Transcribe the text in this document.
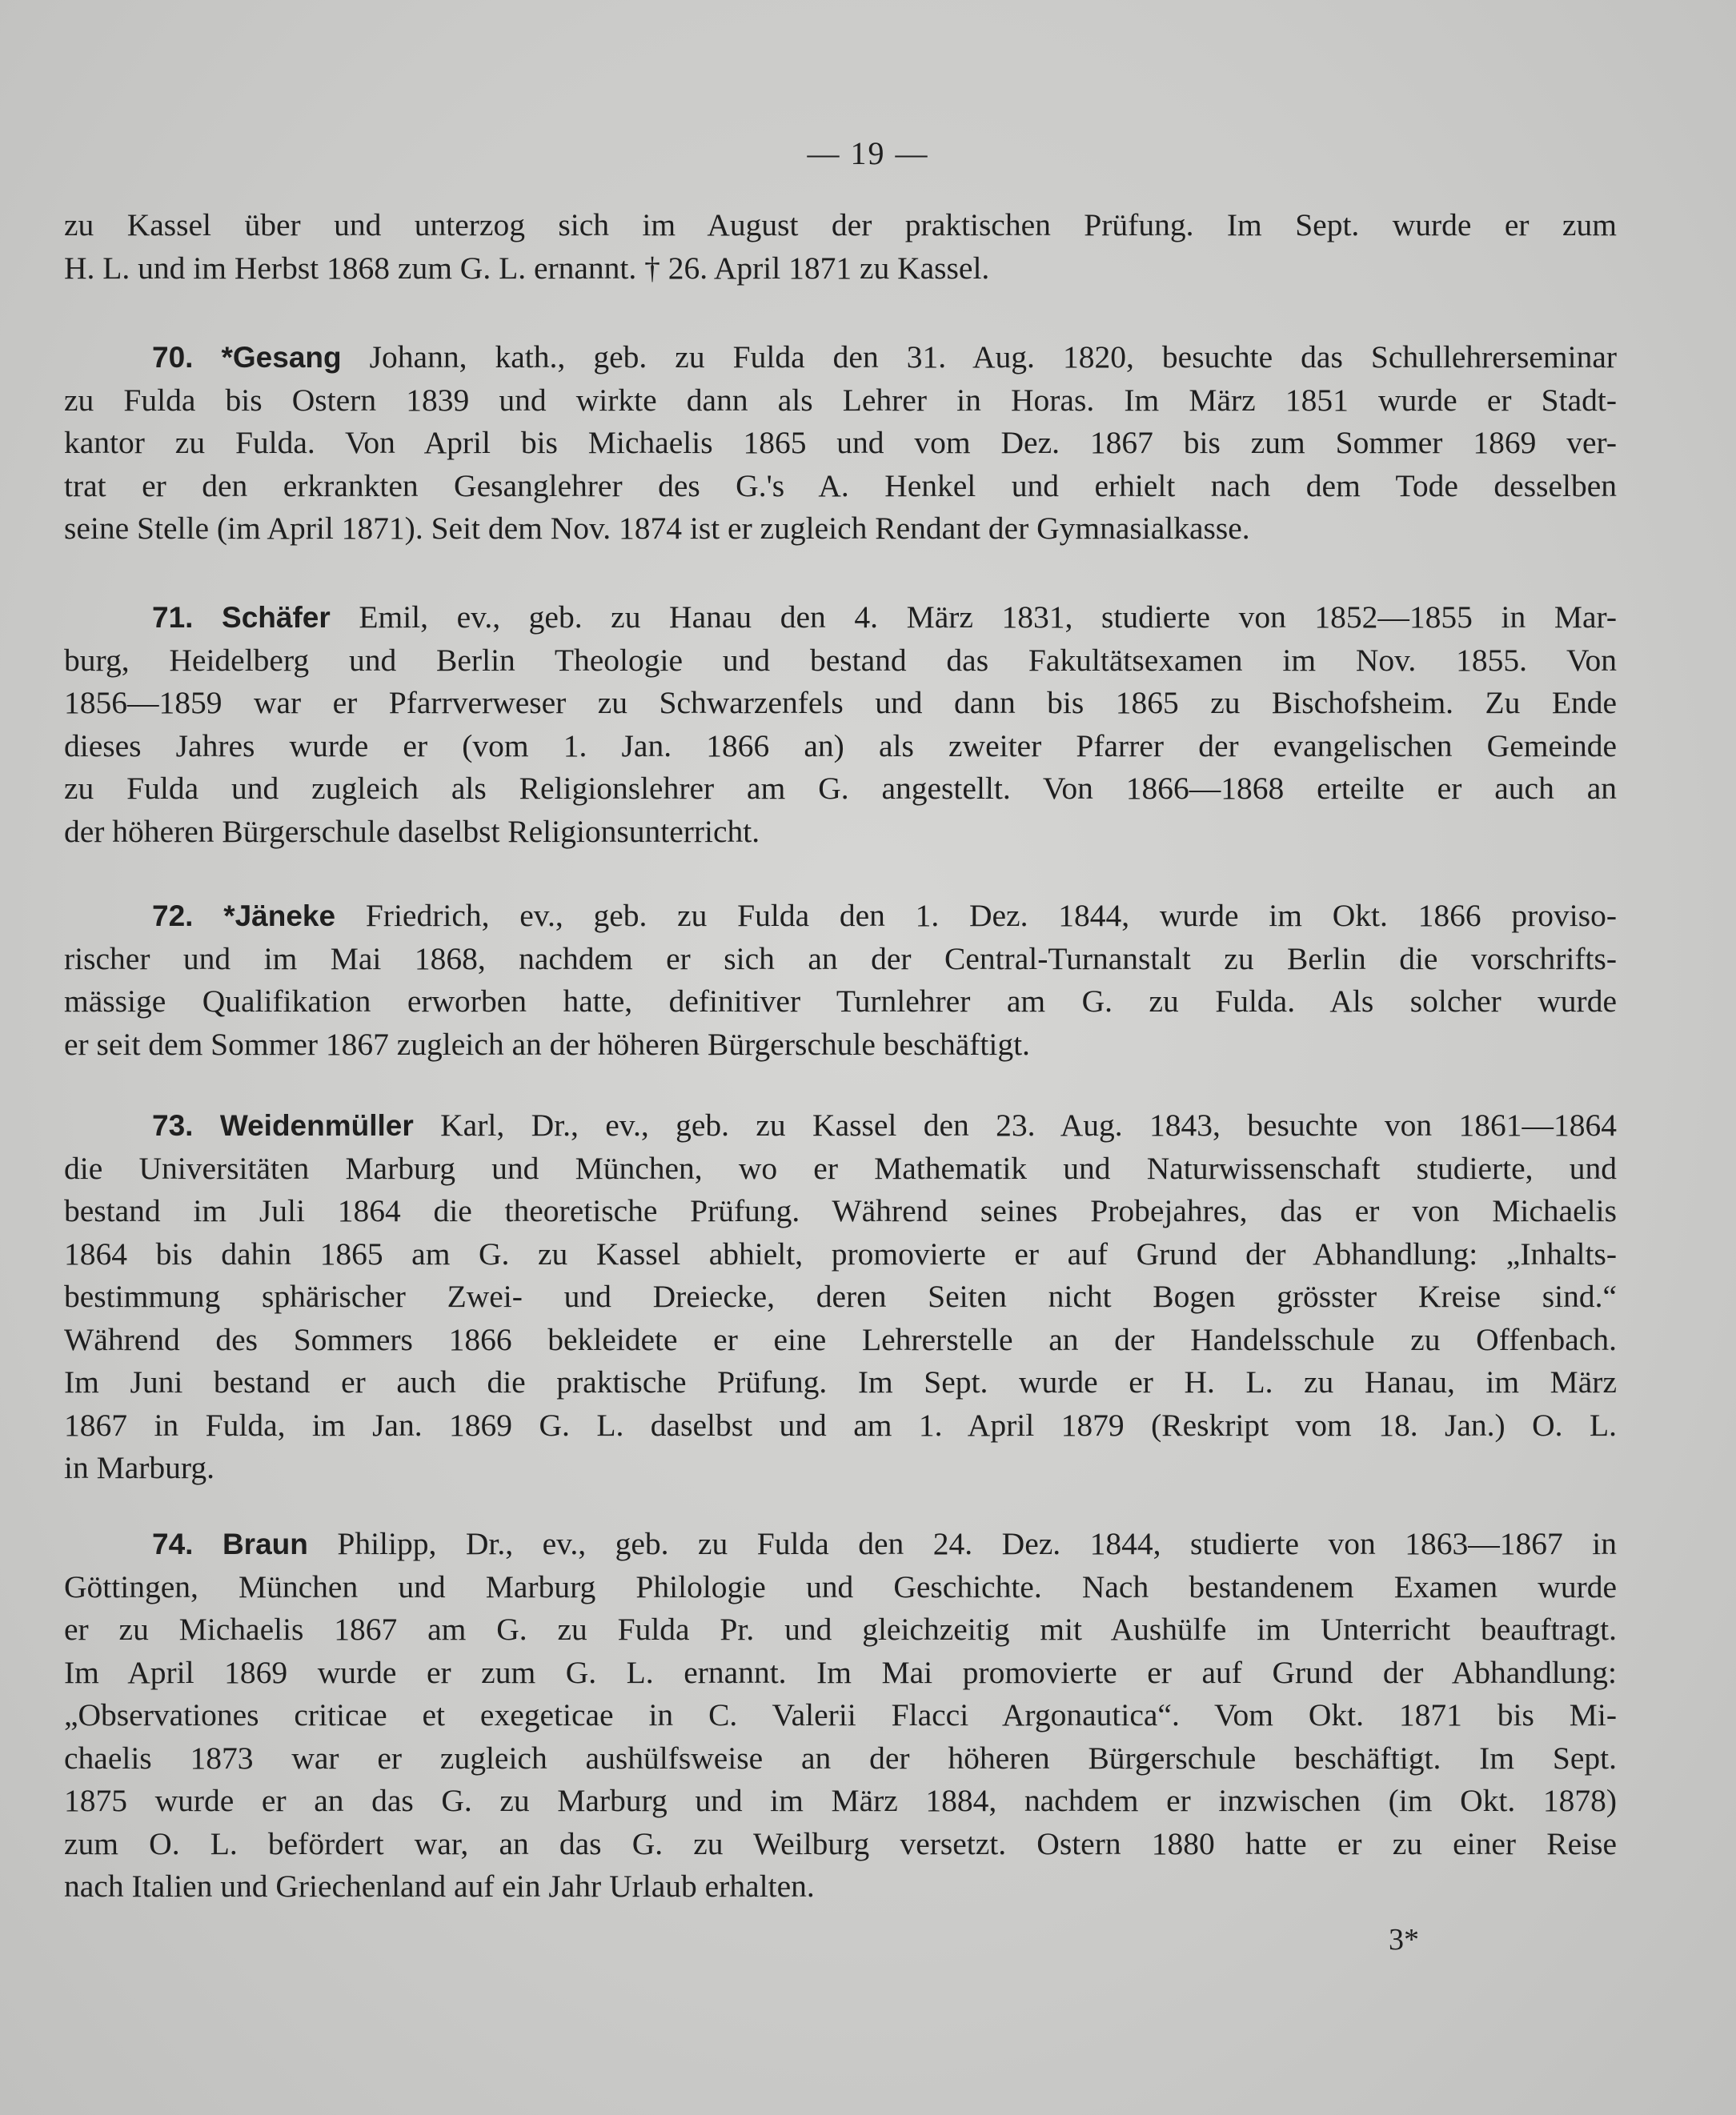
— 19 —
zu Kassel über und unterzog sich im August der praktischen Prüfung. Im Sept. wurde er zum
H. L. und im Herbst 1868 zum G. L. ernannt. † 26. April 1871 zu Kassel.
70. *Gesang Johann, kath., geb. zu Fulda den 31. Aug. 1820, besuchte das Schullehrerseminar
zu Fulda bis Ostern 1839 und wirkte dann als Lehrer in Horas. Im März 1851 wurde er Stadt-
kantor zu Fulda. Von April bis Michaelis 1865 und vom Dez. 1867 bis zum Sommer 1869 ver-
trat er den erkrankten Gesanglehrer des G.'s A. Henkel und erhielt nach dem Tode desselben
seine Stelle (im April 1871). Seit dem Nov. 1874 ist er zugleich Rendant der Gymnasialkasse.
71. Schäfer Emil, ev., geb. zu Hanau den 4. März 1831, studierte von 1852—1855 in Mar-
burg, Heidelberg und Berlin Theologie und bestand das Fakultätsexamen im Nov. 1855. Von
1856—1859 war er Pfarrverweser zu Schwarzenfels und dann bis 1865 zu Bischofsheim. Zu Ende
dieses Jahres wurde er (vom 1. Jan. 1866 an) als zweiter Pfarrer der evangelischen Gemeinde
zu Fulda und zugleich als Religionslehrer am G. angestellt. Von 1866—1868 erteilte er auch an
der höheren Bürgerschule daselbst Religionsunterricht.
72. *Jäneke Friedrich, ev., geb. zu Fulda den 1. Dez. 1844, wurde im Okt. 1866 proviso-
rischer und im Mai 1868, nachdem er sich an der Central-Turnanstalt zu Berlin die vorschrifts-
mässige Qualifikation erworben hatte, definitiver Turnlehrer am G. zu Fulda. Als solcher wurde
er seit dem Sommer 1867 zugleich an der höheren Bürgerschule beschäftigt.
73. Weidenmüller Karl, Dr., ev., geb. zu Kassel den 23. Aug. 1843, besuchte von 1861—1864
die Universitäten Marburg und München, wo er Mathematik und Naturwissenschaft studierte, und
bestand im Juli 1864 die theoretische Prüfung. Während seines Probejahres, das er von Michaelis
1864 bis dahin 1865 am G. zu Kassel abhielt, promovierte er auf Grund der Abhandlung: „Inhalts-
bestimmung sphärischer Zwei- und Dreiecke, deren Seiten nicht Bogen grösster Kreise sind.“
Während des Sommers 1866 bekleidete er eine Lehrerstelle an der Handelsschule zu Offenbach.
Im Juni bestand er auch die praktische Prüfung. Im Sept. wurde er H. L. zu Hanau, im März
1867 in Fulda, im Jan. 1869 G. L. daselbst und am 1. April 1879 (Reskript vom 18. Jan.) O. L.
in Marburg.
74. Braun Philipp, Dr., ev., geb. zu Fulda den 24. Dez. 1844, studierte von 1863—1867 in
Göttingen, München und Marburg Philologie und Geschichte. Nach bestandenem Examen wurde
er zu Michaelis 1867 am G. zu Fulda Pr. und gleichzeitig mit Aushülfe im Unterricht beauftragt.
Im April 1869 wurde er zum G. L. ernannt. Im Mai promovierte er auf Grund der Abhandlung:
„Observationes criticae et exegeticae in C. Valerii Flacci Argonautica“. Vom Okt. 1871 bis Mi-
chaelis 1873 war er zugleich aushülfsweise an der höheren Bürgerschule beschäftigt. Im Sept.
1875 wurde er an das G. zu Marburg und im März 1884, nachdem er inzwischen (im Okt. 1878)
zum O. L. befördert war, an das G. zu Weilburg versetzt. Ostern 1880 hatte er zu einer Reise
nach Italien und Griechenland auf ein Jahr Urlaub erhalten.
3*
